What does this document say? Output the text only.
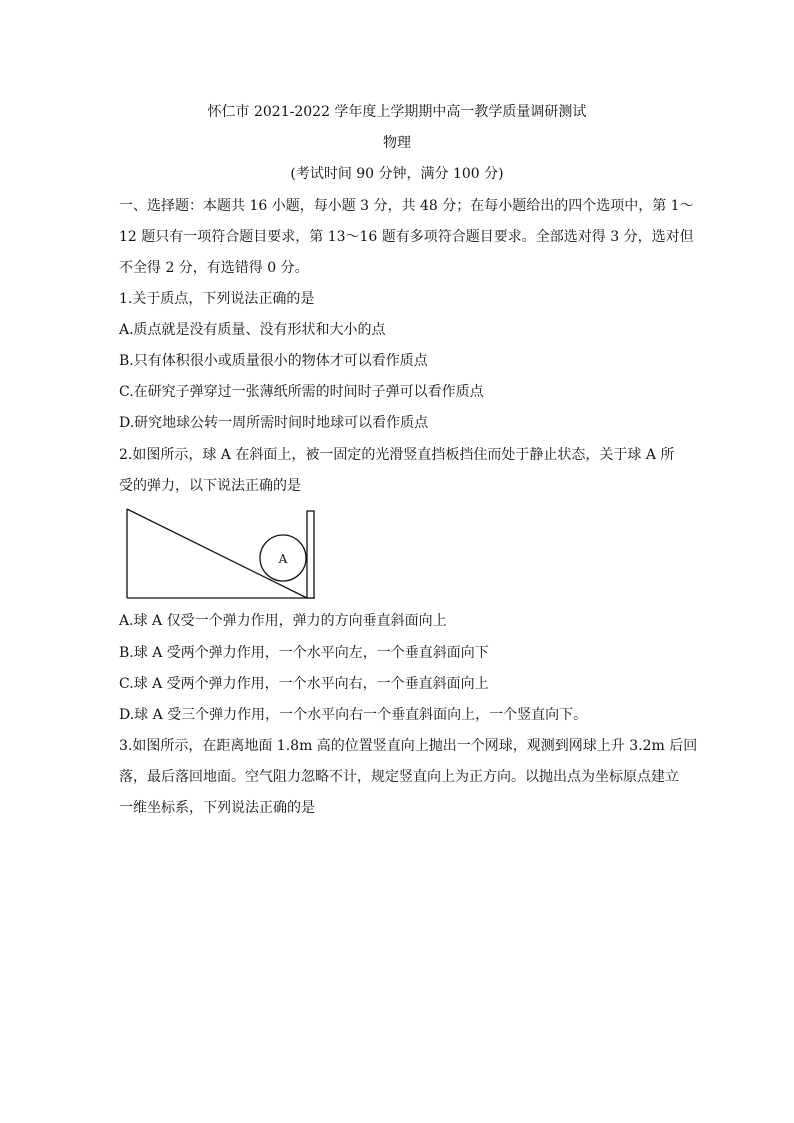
怀仁市 2021-2022 学年度上学期期中高一教学质量调研测试
物理
(考试时间 90 分钟，满分 100 分)
一、选择题：本题共 16 小题，每小题 3 分，共 48 分；在每小题给出的四个选项中，第 1～
12 题只有一项符合题目要求，第 13～16 题有多项符合题目要求。全部选对得 3 分，选对但
不全得 2 分，有选错得 0 分。
1.关于质点，下列说法正确的是
A.质点就是没有质量、没有形状和大小的点
B.只有体积很小或质量很小的物体才可以看作质点
C.在研究子弹穿过一张薄纸所需的时间时子弹可以看作质点
D.研究地球公转一周所需时间时地球可以看作质点
2.如图所示，球 A 在斜面上，被一固定的光滑竖直挡板挡住而处于静止状态，关于球 A 所
受的弹力，以下说法正确的是
A
A.球 A 仅受一个弹力作用，弹力的方向垂直斜面向上
B.球 A 受两个弹力作用，一个水平向左，一个垂直斜面向下
C.球 A 受两个弹力作用，一个水平向右，一个垂直斜面向上
D.球 A 受三个弹力作用，一个水平向右一个垂直斜面向上，一个竖直向下。
3.如图所示，在距离地面 1.8m 高的位置竖直向上抛出一个网球，观测到网球上升 3.2m 后回
落，最后落回地面。空气阻力忽略不计，规定竖直向上为正方向。以抛出点为坐标原点建立
一维坐标系，下列说法正确的是
